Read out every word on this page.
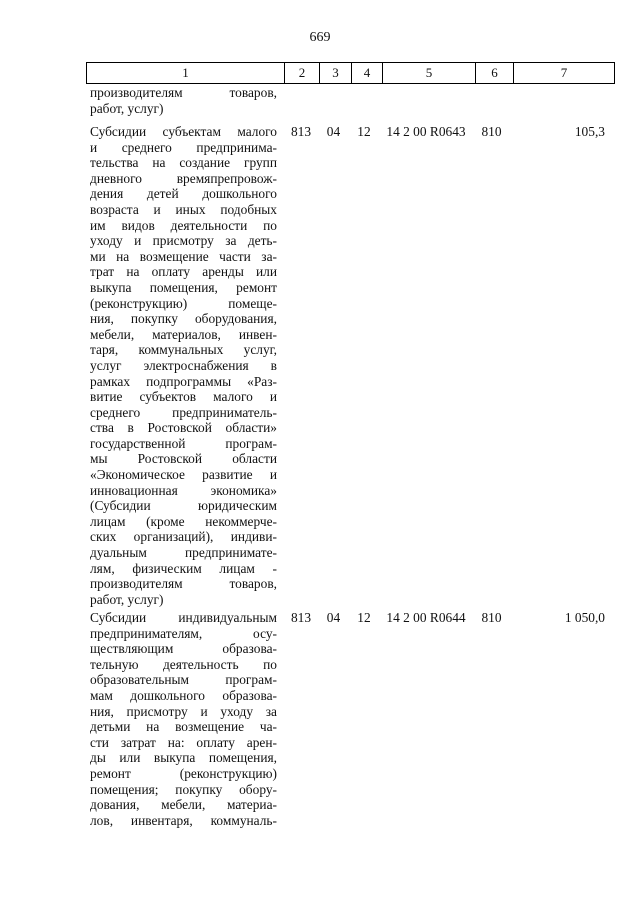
669
1	2	3	4	5	6	7
производителям товаров,
работ, услуг)
Субсидии субъектам малого
и среднего предпринима-
тельства на создание групп
дневного времяпрепровож-
дения детей дошкольного
возраста и иных подобных
им видов деятельности по
уходу и присмотру за деть-
ми на возмещение части за-
трат на оплату аренды или
выкупа помещения, ремонт
(реконструкцию) помеще-
ния, покупку оборудования,
мебели, материалов, инвен-
таря, коммунальных услуг,
услуг электроснабжения в
рамках подпрограммы «Раз-
витие субъектов малого и
среднего предприниматель-
ства в Ростовской области»
государственной програм-
мы Ростовской области
«Экономическое развитие и
инновационная экономика»
(Субсидии юридическим
лицам (кроме некоммерче-
ских организаций), индиви-
дуальным предпринимате-
лям, физическим лицам -
производителям товаров,
работ, услуг)
813	04	12	14 2 00 R0643	810	105,3
Субсидии индивидуальным
предпринимателям, осу-
ществляющим образова-
тельную деятельность по
образовательным програм-
мам дошкольного образова-
ния, присмотру и уходу за
детьми на возмещение ча-
сти затрат на: оплату арен-
ды или выкупа помещения,
ремонт (реконструкцию)
помещения; покупку обору-
дования, мебели, материа-
лов, инвентаря, коммуналь-
813	04	12	14 2 00 R0644	810	1 050,0
